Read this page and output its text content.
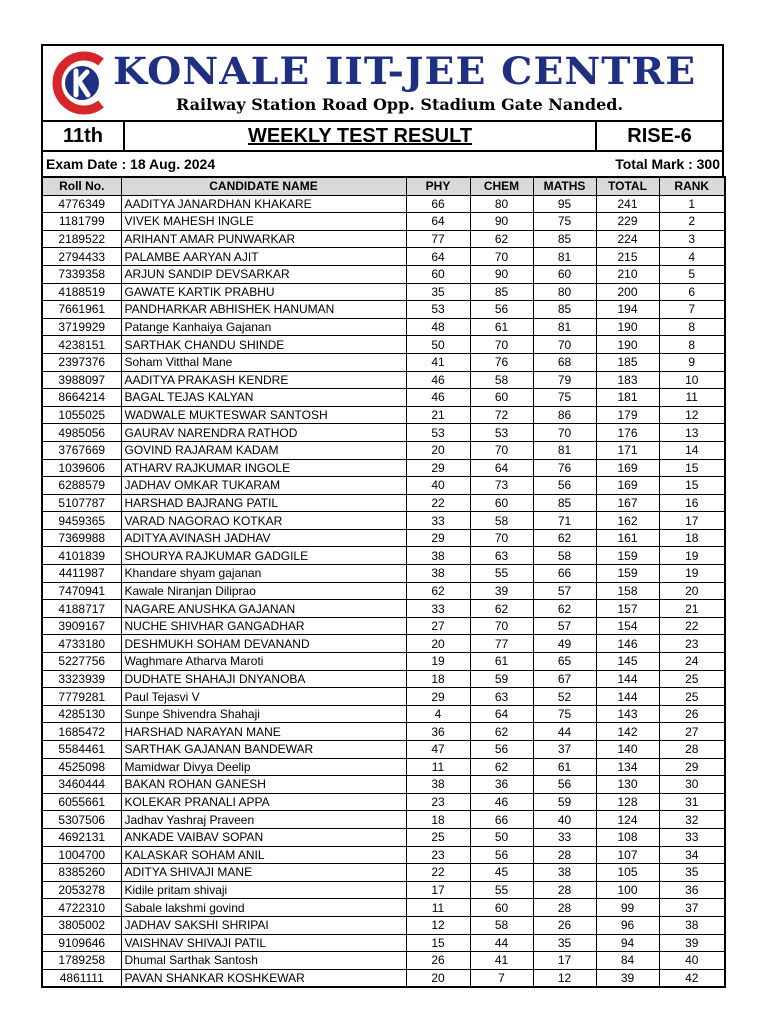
KONALE IIT-JEE CENTRE
Railway Station Road Opp. Stadium Gate Nanded.
11th	WEEKLY TEST RESULT	RISE-6
Exam Date : 18 Aug. 2024	Total Mark : 300
Roll No.	CANDIDATE NAME	PHY	CHEM	MATHS	TOTAL	RANK
4776349	AADITYA JANARDHAN KHAKARE	66	80	95	241	1
1181799	VIVEK MAHESH INGLE	64	90	75	229	2
2189522	ARIHANT AMAR PUNWARKAR	77	62	85	224	3
2794433	PALAMBE AARYAN AJIT	64	70	81	215	4
7339358	ARJUN SANDIP DEVSARKAR	60	90	60	210	5
4188519	GAWATE KARTIK PRABHU	35	85	80	200	6
7661961	PANDHARKAR ABHISHEK HANUMAN	53	56	85	194	7
3719929	Patange Kanhaiya Gajanan	48	61	81	190	8
4238151	SARTHAK CHANDU SHINDE	50	70	70	190	8
2397376	Soham Vitthal Mane	41	76	68	185	9
3988097	AADITYA PRAKASH KENDRE	46	58	79	183	10
8664214	BAGAL TEJAS KALYAN	46	60	75	181	11
1055025	WADWALE MUKTESWAR SANTOSH	21	72	86	179	12
4985056	GAURAV NARENDRA RATHOD	53	53	70	176	13
3767669	GOVIND RAJARAM KADAM	20	70	81	171	14
1039606	ATHARV RAJKUMAR INGOLE	29	64	76	169	15
6288579	JADHAV OMKAR TUKARAM	40	73	56	169	15
5107787	HARSHAD BAJRANG PATIL	22	60	85	167	16
9459365	VARAD NAGORAO KOTKAR	33	58	71	162	17
7369988	ADITYA AVINASH JADHAV	29	70	62	161	18
4101839	SHOURYA RAJKUMAR GADGILE	38	63	58	159	19
4411987	Khandare shyam gajanan	38	55	66	159	19
7470941	Kawale Niranjan Diliprao	62	39	57	158	20
4188717	NAGARE ANUSHKA GAJANAN	33	62	62	157	21
3909167	NUCHE SHIVHAR GANGADHAR	27	70	57	154	22
4733180	DESHMUKH SOHAM DEVANAND	20	77	49	146	23
5227756	Waghmare Atharva Maroti	19	61	65	145	24
3323939	DUDHATE SHAHAJI DNYANOBA	18	59	67	144	25
7779281	Paul Tejasvi V	29	63	52	144	25
4285130	Sunpe Shivendra Shahaji	4	64	75	143	26
1685472	HARSHAD NARAYAN MANE	36	62	44	142	27
5584461	SARTHAK GAJANAN BANDEWAR	47	56	37	140	28
4525098	Mamidwar Divya Deelip	11	62	61	134	29
3460444	BAKAN ROHAN GANESH	38	36	56	130	30
6055661	KOLEKAR PRANALI APPA	23	46	59	128	31
5307506	Jadhav Yashraj Praveen	18	66	40	124	32
4692131	ANKADE VAIBAV SOPAN	25	50	33	108	33
1004700	KALASKAR SOHAM ANIL	23	56	28	107	34
8385260	ADITYA SHIVAJI MANE	22	45	38	105	35
2053278	Kidile pritam shivaji	17	55	28	100	36
4722310	Sabale lakshmi govind	11	60	28	99	37
3805002	JADHAV SAKSHI SHRIPAI	12	58	26	96	38
9109646	VAISHNAV SHIVAJI PATIL	15	44	35	94	39
1789258	Dhumal Sarthak Santosh	26	41	17	84	40
4861111	PAVAN SHANKAR KOSHKEWAR	20	7	12	39	42
